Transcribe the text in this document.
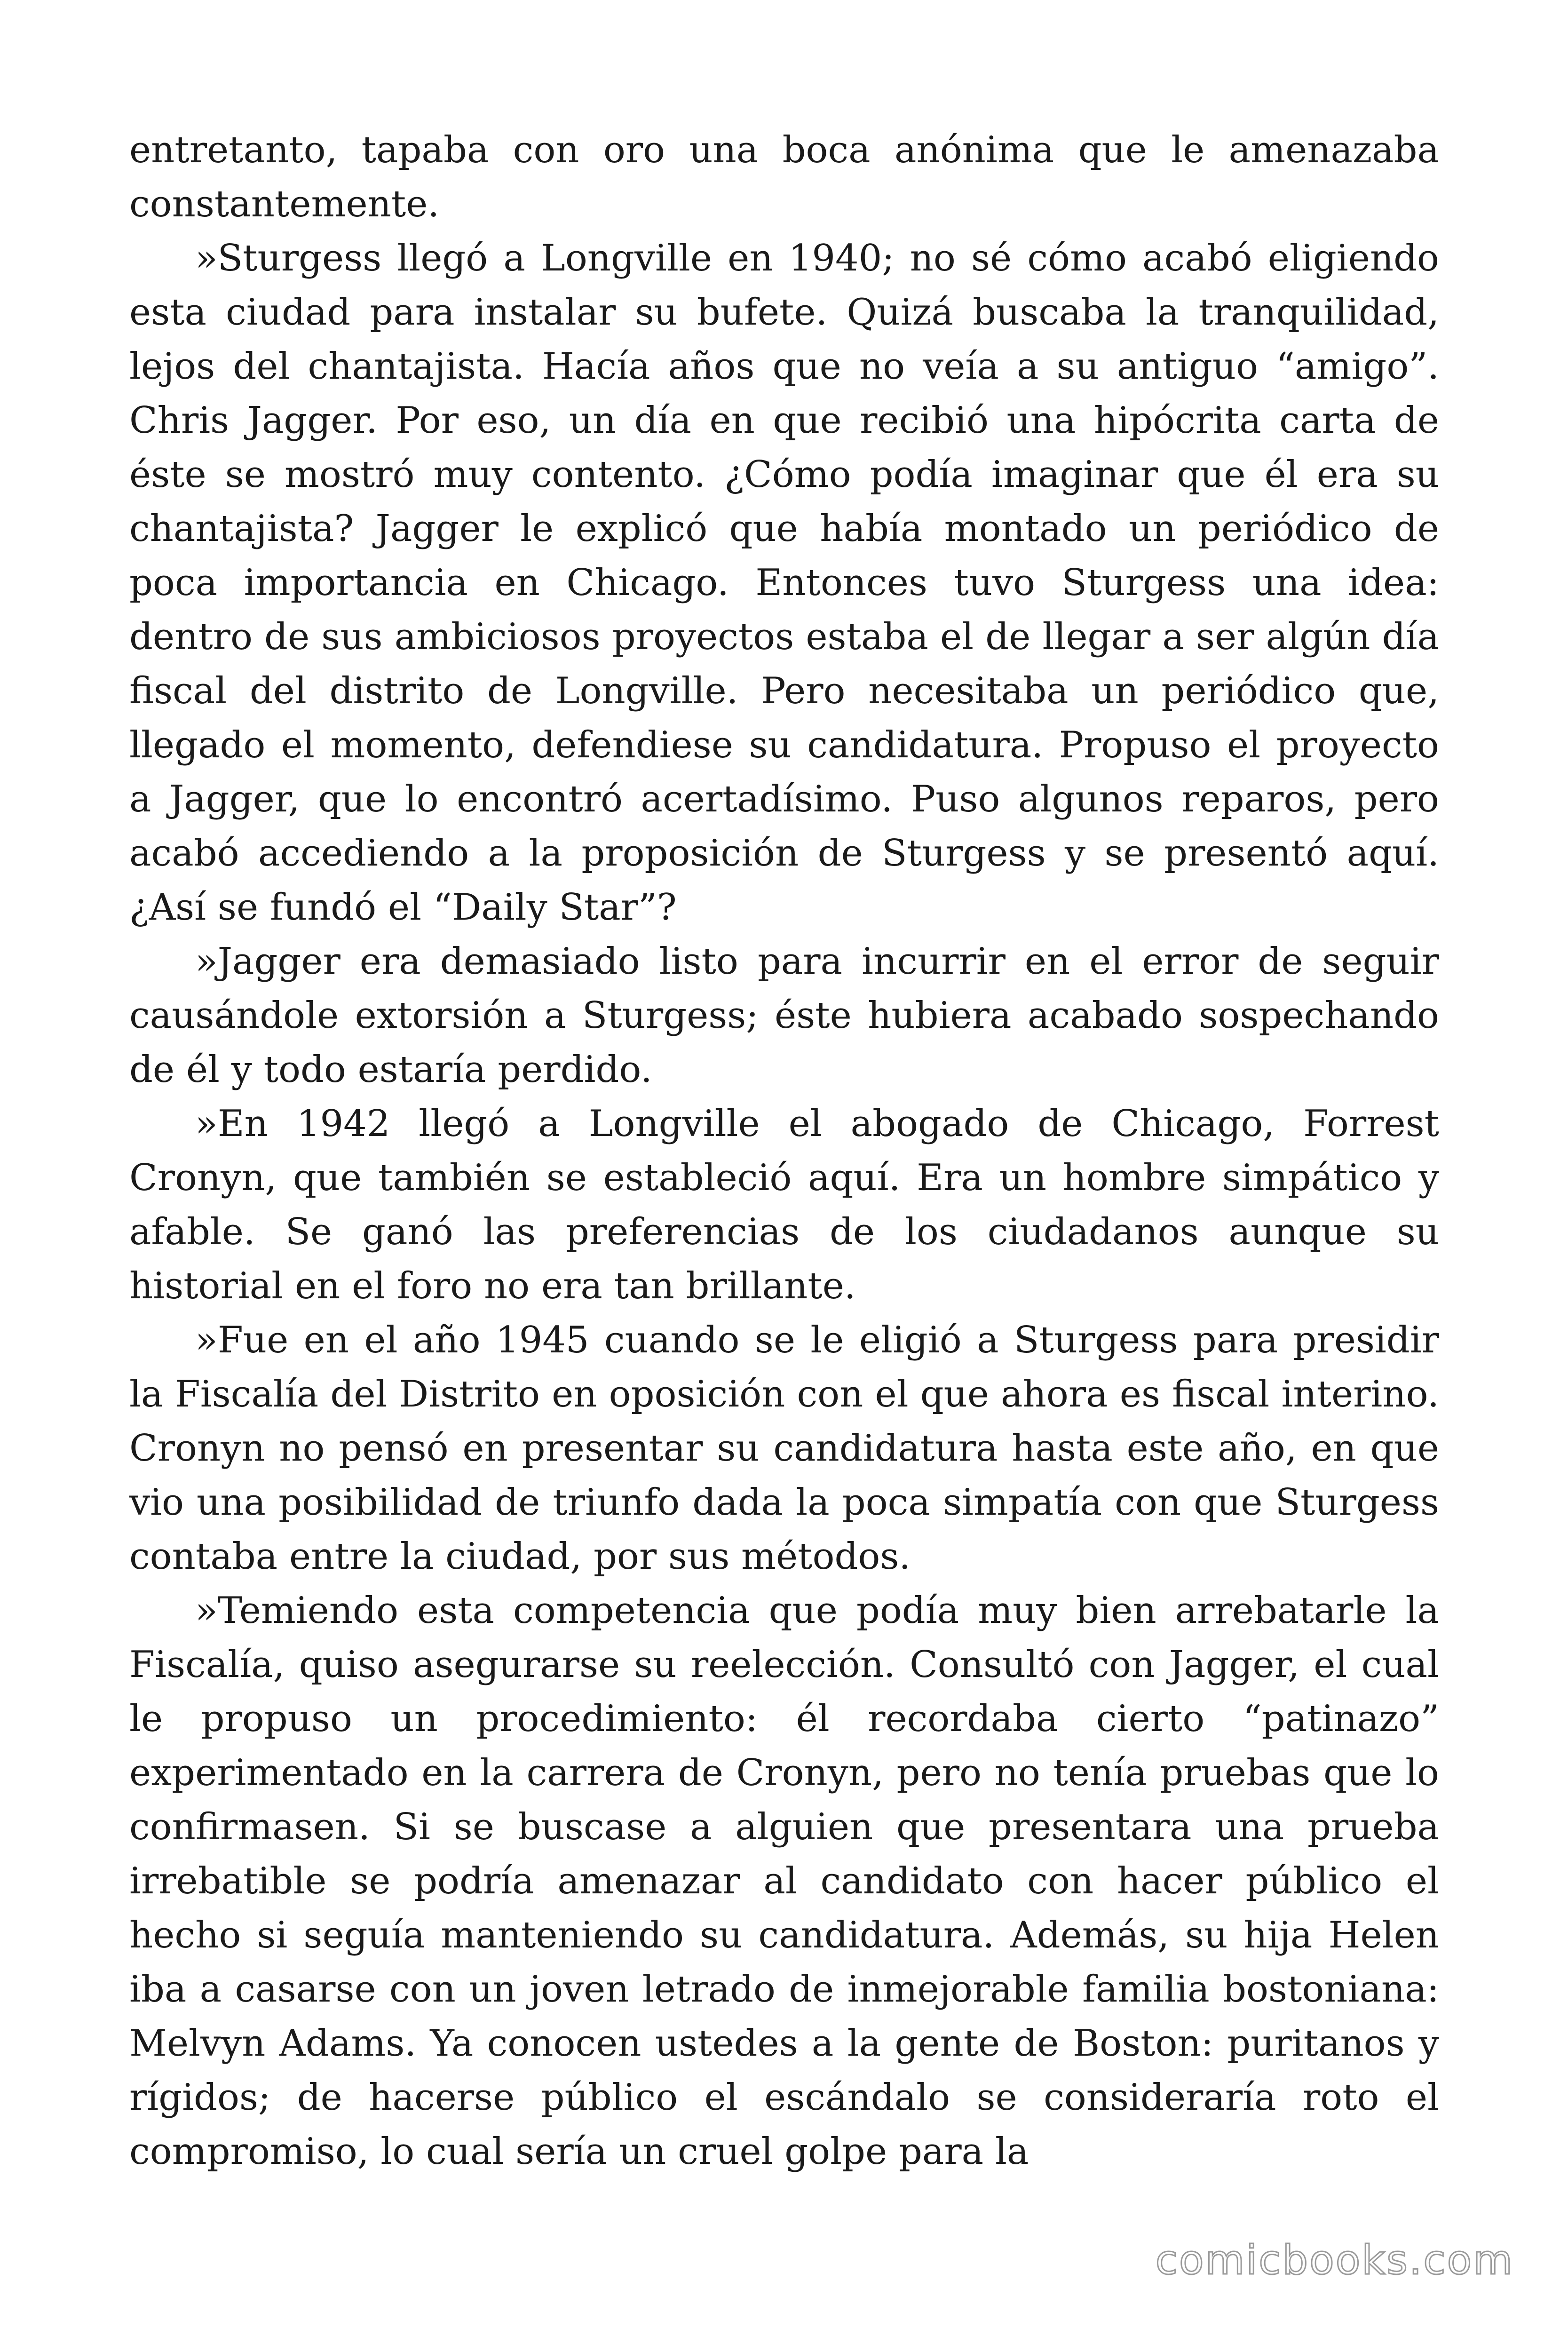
entretanto, tapaba con oro una boca anónima que le amenazaba constantemente.

»Sturgess llegó a Longville en 1940; no sé cómo acabó eligiendo esta ciudad para instalar su bufete. Quizá buscaba la tranquilidad, lejos del chantajista. Hacía años que no veía a su antiguo “amigo”. Chris Jagger. Por eso, un día en que recibió una hipócrita carta de éste se mostró muy contento. ¿Cómo podía imaginar que él era su chantajista? Jagger le explicó que había montado un periódico de poca importancia en Chicago. Entonces tuvo Sturgess una idea: dentro de sus ambiciosos proyectos estaba el de llegar a ser algún día fiscal del distrito de Longville. Pero necesitaba un periódico que, llegado el momento, defendiese su candidatura. Propuso el proyecto a Jagger, que lo encontró acertadísimo. Puso algunos reparos, pero acabó accediendo a la proposición de Sturgess y se presentó aquí. ¿Así se fundó el “Daily Star”?

»Jagger era demasiado listo para incurrir en el error de seguir causándole extorsión a Sturgess; éste hubiera acabado sospechando de él y todo estaría perdido.

»En 1942 llegó a Longville el abogado de Chicago, Forrest Cronyn, que también se estableció aquí. Era un hombre simpático y afable. Se ganó las preferencias de los ciudadanos aunque su historial en el foro no era tan brillante.

»Fue en el año 1945 cuando se le eligió a Sturgess para presidir la Fiscalía del Distrito en oposición con el que ahora es fiscal interino. Cronyn no pensó en presentar su candidatura hasta este año, en que vio una posibilidad de triunfo dada la poca simpatía con que Sturgess contaba entre la ciudad, por sus métodos.

»Temiendo esta competencia que podía muy bien arrebatarle la Fiscalía, quiso asegurarse su reelección. Consultó con Jagger, el cual le propuso un procedimiento: él recordaba cierto “patinazo” experimentado en la carrera de Cronyn, pero no tenía pruebas que lo confirmasen. Si se buscase a alguien que presentara una prueba irrebatible se podría amenazar al candidato con hacer público el hecho si seguía manteniendo su candidatura. Además, su hija Helen iba a casarse con un joven letrado de inmejorable familia bostoniana: Melvyn Adams. Ya conocen ustedes a la gente de Boston: puritanos y rígidos; de hacerse público el escándalo se consideraría roto el compromiso, lo cual sería un cruel golpe para la

comicbooks.com
